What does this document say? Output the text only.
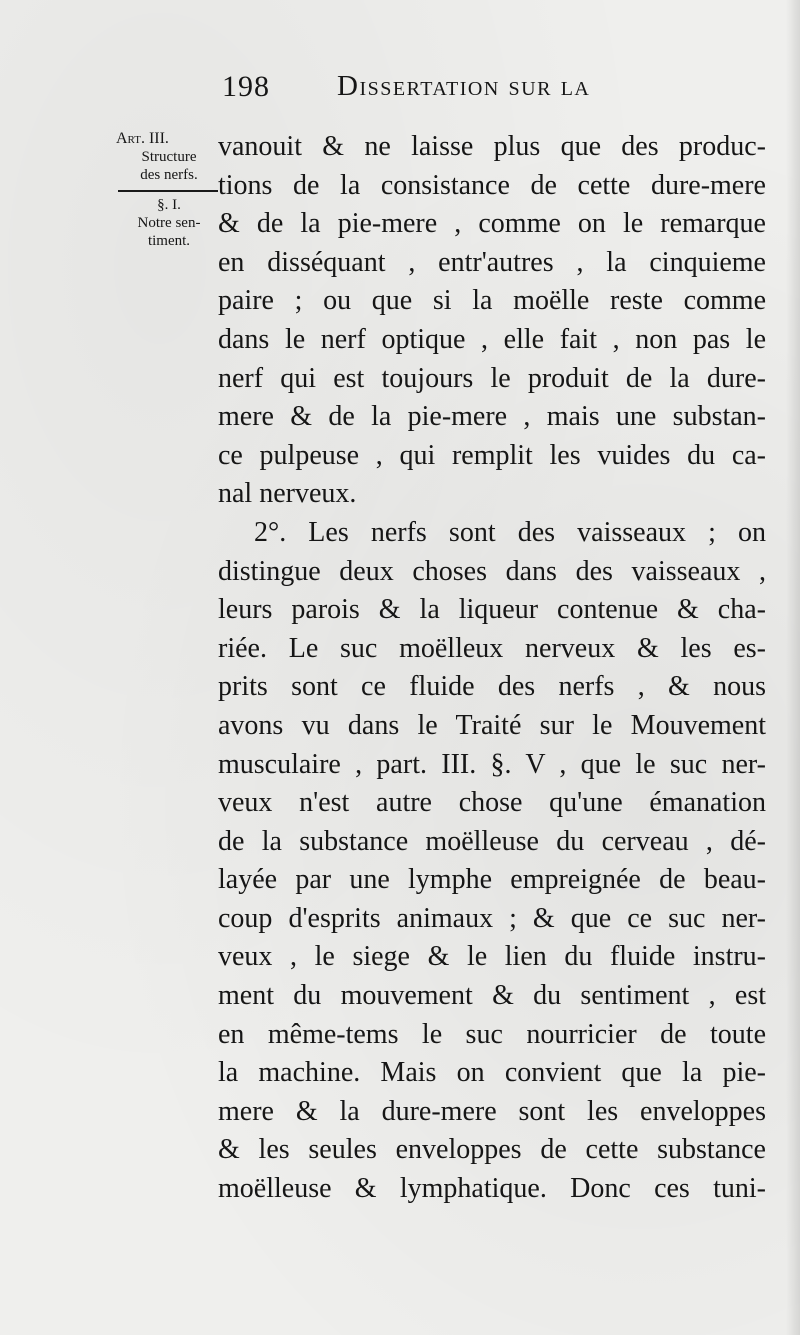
198 Dissertation sur la
Art. III.
Structure
des nerfs.
§. I.
Notre sen-
timent.
vanouit & ne laisse plus que des produc-
tions de la consistance de cette dure-mere
& de la pie-mere , comme on le remarque
en disséquant , entr'autres , la cinquieme
paire ; ou que si la moëlle reste comme
dans le nerf optique , elle fait , non pas le
nerf qui est toujours le produit de la dure-
mere & de la pie-mere , mais une substan-
ce pulpeuse , qui remplit les vuides du ca-
nal nerveux.
2°. Les nerfs sont des vaisseaux ; on
distingue deux choses dans des vaisseaux ,
leurs parois & la liqueur contenue & cha-
riée. Le suc moëlleux nerveux & les es-
prits sont ce fluide des nerfs , & nous
avons vu dans le Traité sur le Mouvement
musculaire , part. III. §. V , que le suc ner-
veux n'est autre chose qu'une émanation
de la substance moëlleuse du cerveau , dé-
layée par une lymphe empreignée de beau-
coup d'esprits animaux ; & que ce suc ner-
veux , le siege & le lien du fluide instru-
ment du mouvement & du sentiment , est
en même-tems le suc nourricier de toute
la machine. Mais on convient que la pie-
mere & la dure-mere sont les enveloppes
& les seules enveloppes de cette substance
moëlleuse & lymphatique. Donc ces tuni-
